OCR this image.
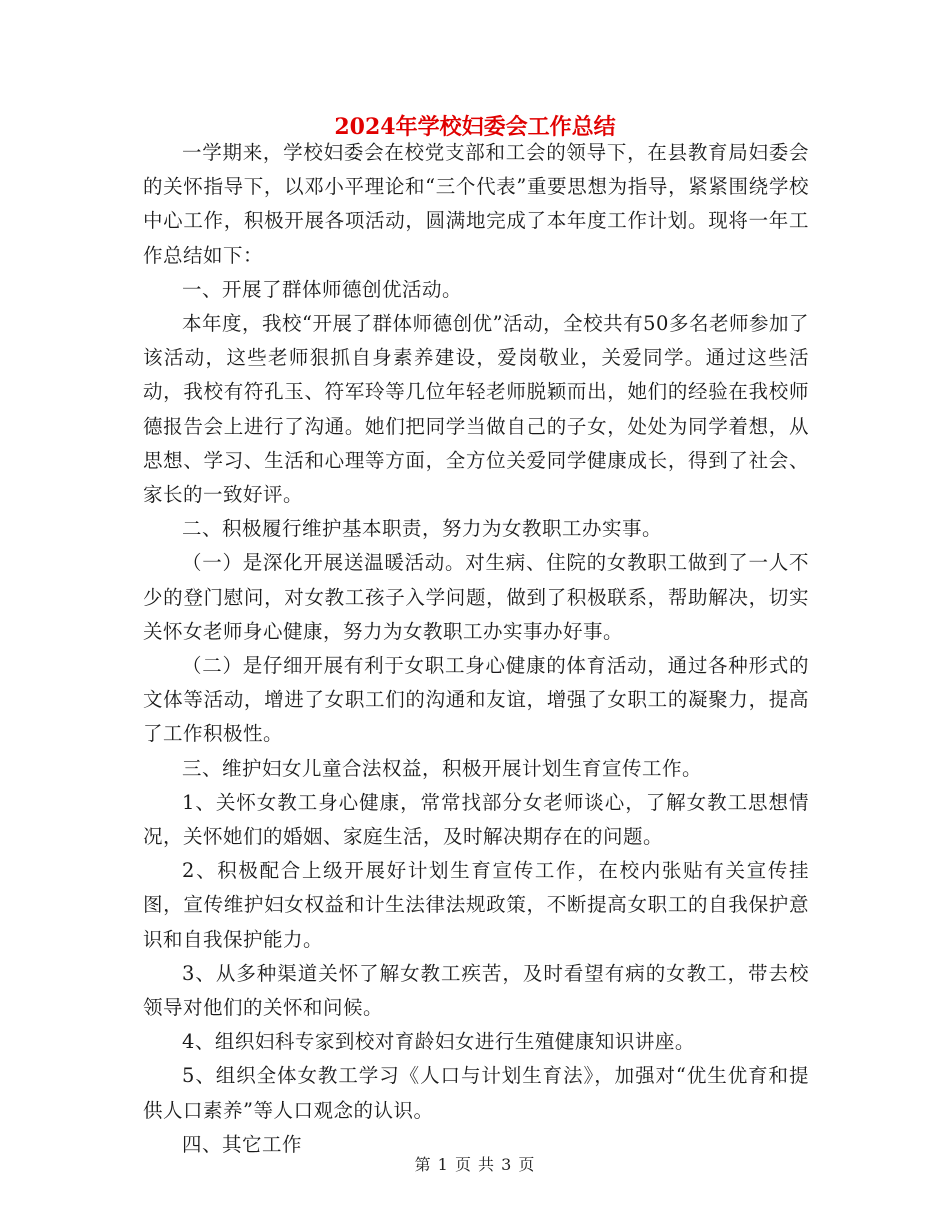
2024年学校妇委会工作总结

一学期来，学校妇委会在校党支部和工会的领导下，在县教育局妇委会的关怀指导下，以邓小平理论和“三个代表”重要思想为指导，紧紧围绕学校中心工作，积极开展各项活动，圆满地完成了本年度工作计划。现将一年工作总结如下：

一、开展了群体师德创优活动。

本年度，我校“开展了群体师德创优”活动，全校共有50多名老师参加了该活动，这些老师狠抓自身素养建设，爱岗敬业，关爱同学。通过这些活动，我校有符孔玉、符军玲等几位年轻老师脱颖而出，她们的经验在我校师德报告会上进行了沟通。她们把同学当做自己的子女，处处为同学着想，从思想、学习、生活和心理等方面，全方位关爱同学健康成长，得到了社会、家长的一致好评。

二、积极履行维护基本职责，努力为女教职工办实事。

（一）是深化开展送温暖活动。对生病、住院的女教职工做到了一人不少的登门慰问，对女教工孩子入学问题，做到了积极联系，帮助解决，切实关怀女老师身心健康，努力为女教职工办实事办好事。

（二）是仔细开展有利于女职工身心健康的体育活动，通过各种形式的文体等活动，增进了女职工们的沟通和友谊，增强了女职工的凝聚力，提高了工作积极性。

三、维护妇女儿童合法权益，积极开展计划生育宣传工作。

1、关怀女教工身心健康，常常找部分女老师谈心，了解女教工思想情况，关怀她们的婚姻、家庭生活，及时解决期存在的问题。

2、积极配合上级开展好计划生育宣传工作，在校内张贴有关宣传挂图，宣传维护妇女权益和计生法律法规政策，不断提高女职工的自我保护意识和自我保护能力。

3、从多种渠道关怀了解女教工疾苦，及时看望有病的女教工，带去校领导对他们的关怀和问候。

4、组织妇科专家到校对育龄妇女进行生殖健康知识讲座。

5、组织全体女教工学习《人口与计划生育法》，加强对“优生优育和提供人口素养”等人口观念的认识。

四、其它工作

第 1 页 共 3 页
